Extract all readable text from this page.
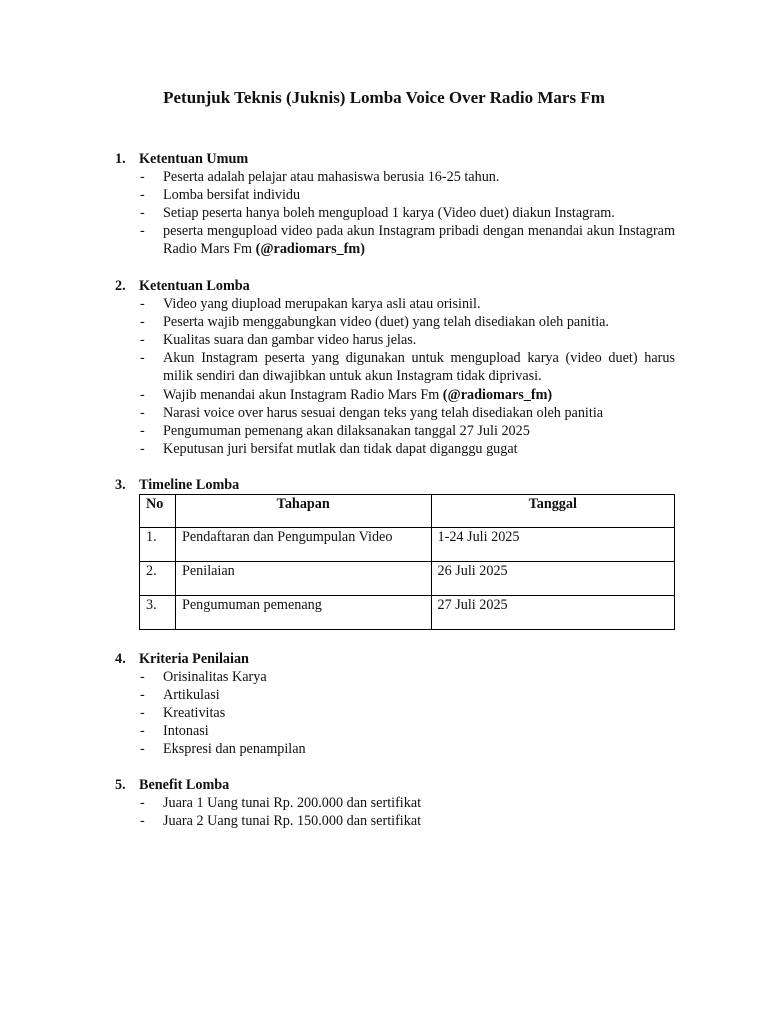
Petunjuk Teknis (Juknis) Lomba Voice Over Radio Mars Fm
1. Ketentuan Umum
- Peserta adalah pelajar atau mahasiswa berusia 16-25 tahun.
- Lomba bersifat individu
- Setiap peserta hanya boleh mengupload 1 karya (Video duet) diakun Instagram.
- peserta mengupload video pada akun Instagram pribadi dengan menandai akun Instagram Radio Mars Fm (@radiomars_fm)
2. Ketentuan Lomba
- Video yang diupload merupakan karya asli atau orisinil.
- Peserta wajib menggabungkan video (duet) yang telah disediakan oleh panitia.
- Kualitas suara dan gambar video harus jelas.
- Akun Instagram peserta yang digunakan untuk mengupload karya (video duet) harus milik sendiri dan diwajibkan untuk akun Instagram tidak diprivasi.
- Wajib menandai akun Instagram Radio Mars Fm (@radiomars_fm)
- Narasi voice over harus sesuai dengan teks yang telah disediakan oleh panitia
- Pengumuman pemenang akan dilaksanakan tanggal 27 Juli 2025
- Keputusan juri bersifat mutlak dan tidak dapat diganggu gugat
3. Timeline Lomba
No	Tahapan	Tanggal
1.	Pendaftaran dan Pengumpulan Video	1-24 Juli 2025
2.	Penilaian	26 Juli 2025
3.	Pengumuman pemenang	27 Juli 2025
4. Kriteria Penilaian
- Orisinalitas Karya
- Artikulasi
- Kreativitas
- Intonasi
- Ekspresi dan penampilan
5. Benefit Lomba
- Juara 1 Uang tunai Rp. 200.000 dan sertifikat
- Juara 2 Uang tunai Rp. 150.000 dan sertifikat
